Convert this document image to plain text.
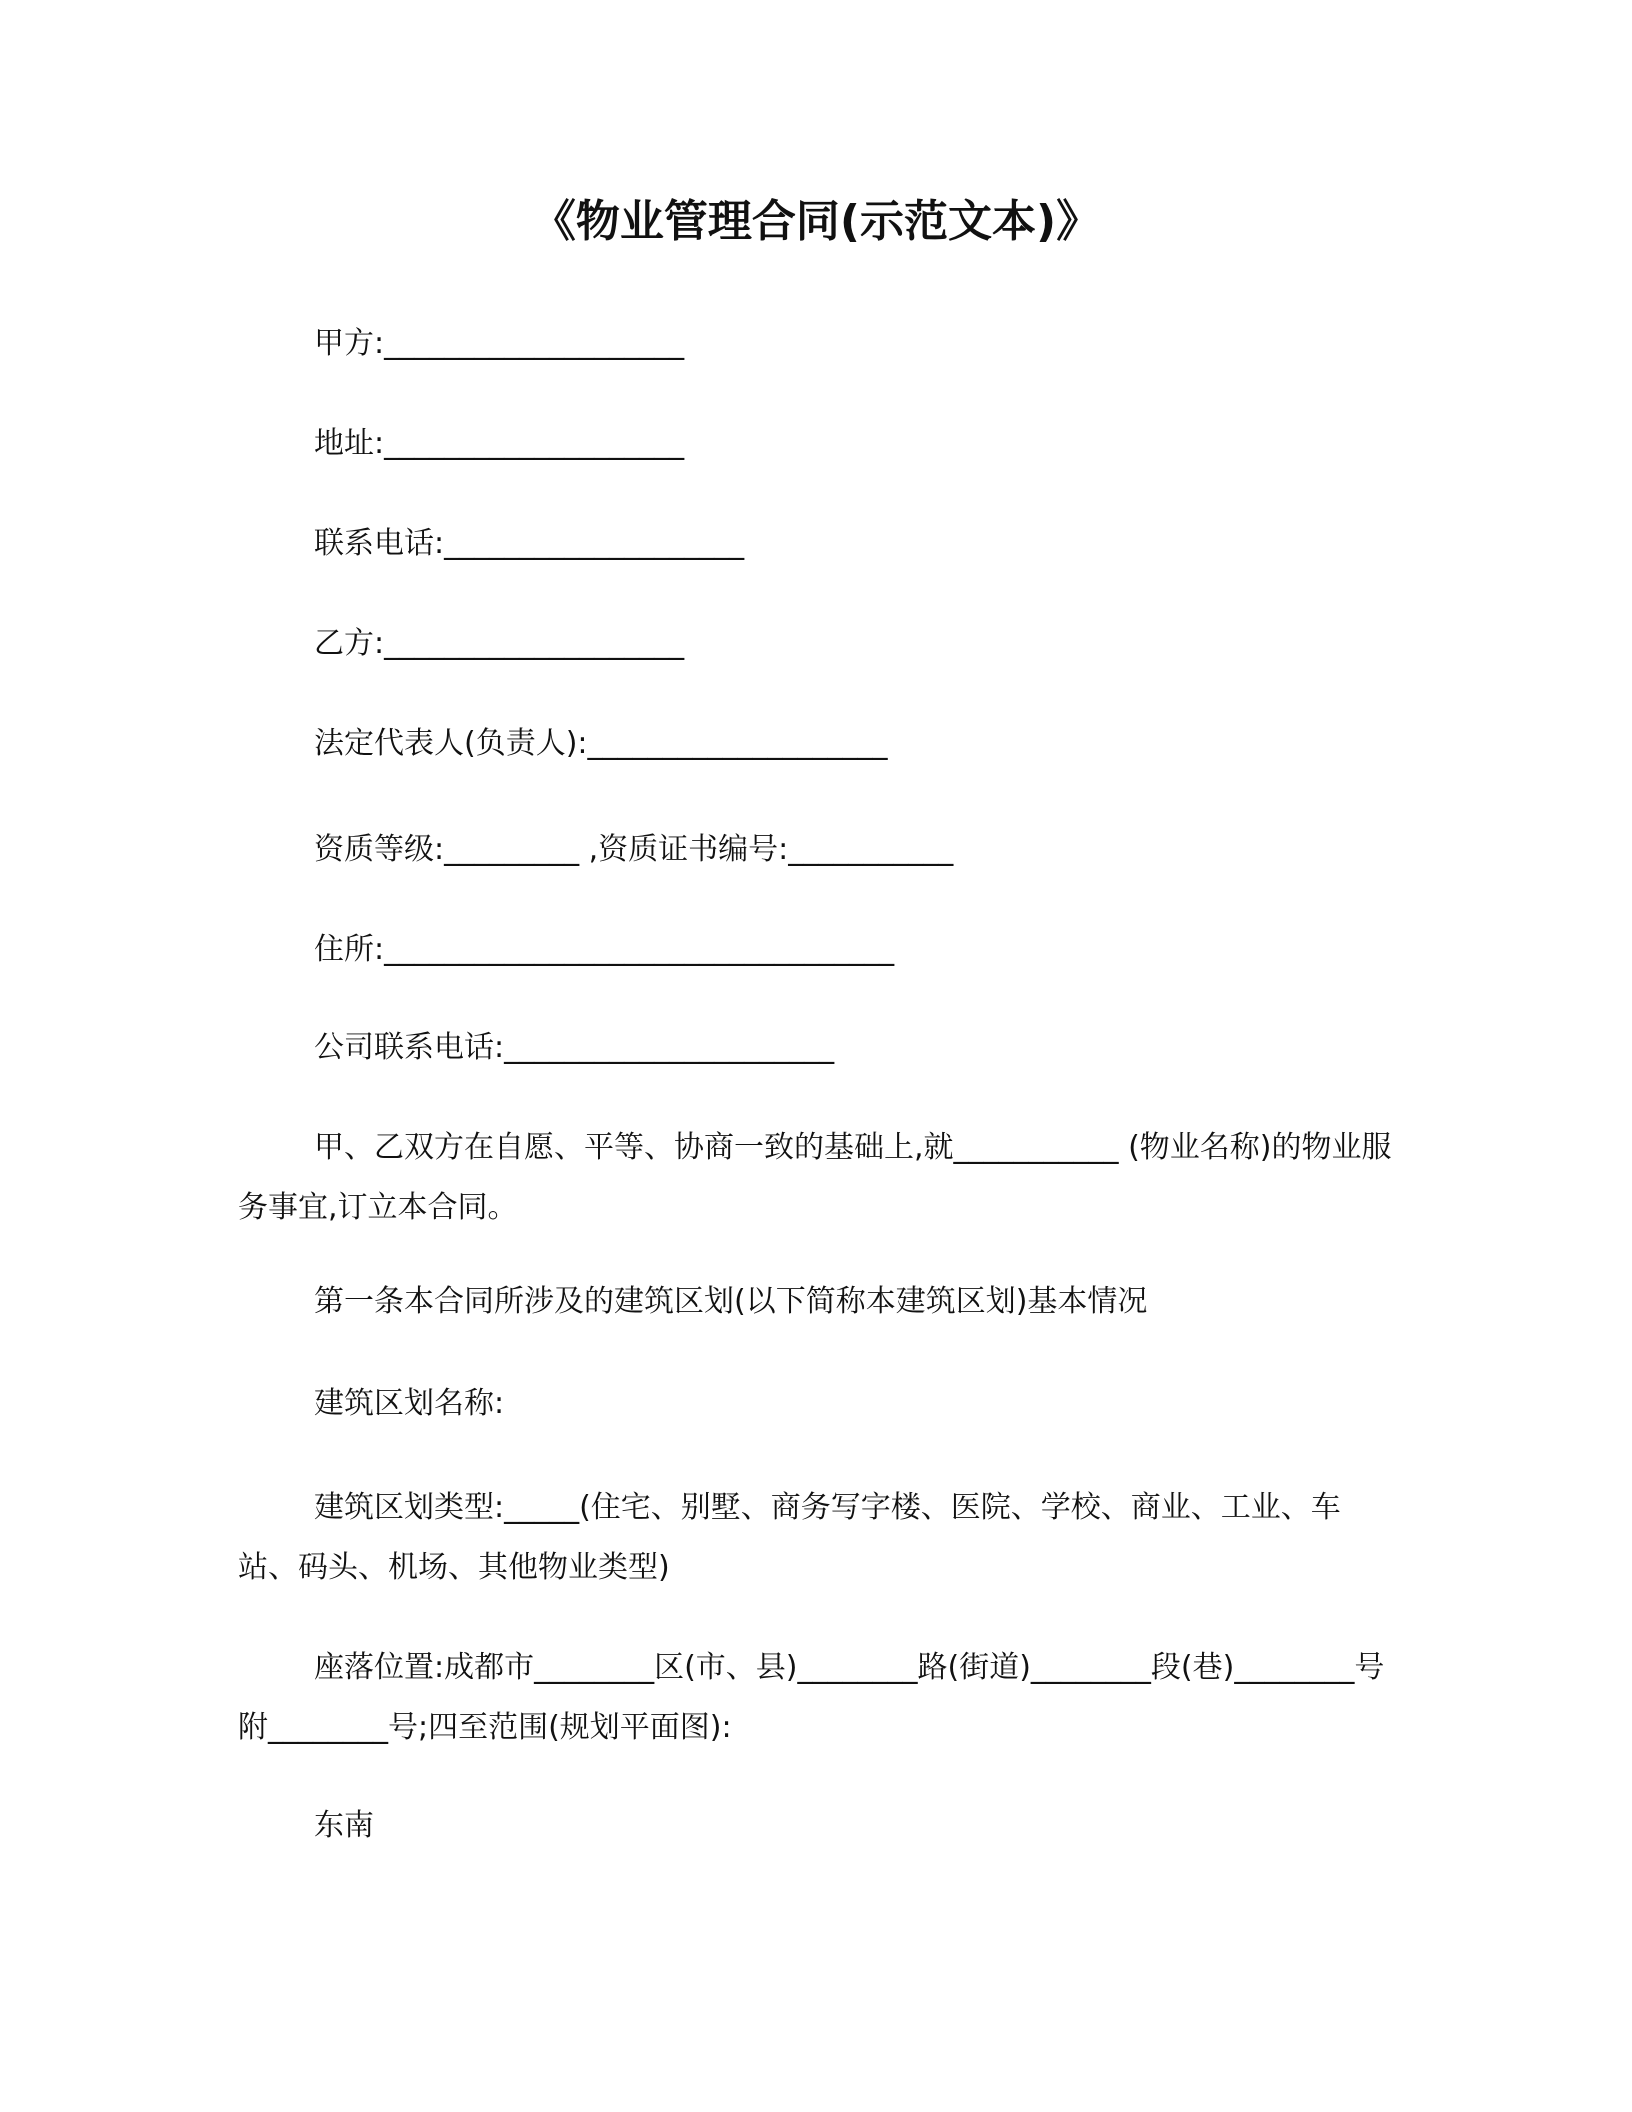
《物业管理合同(示范文本)》
甲方:____________________
地址:____________________
联系电话:____________________
乙方:____________________
法定代表人(负责人):____________________
资质等级:_________ ,资质证书编号:___________
住所:__________________________________
公司联系电话:______________________
甲、乙双方在自愿、平等、协商一致的基础上,就___________ (物业名称)的物业服务事宜,订立本合同。
第一条本合同所涉及的建筑区划(以下简称本建筑区划)基本情况
建筑区划名称:
建筑区划类型:_____(住宅、别墅、商务写字楼、医院、学校、商业、工业、车站、码头、机场、其他物业类型)
座落位置:成都市________区(市、县)________路(街道)________段(巷)________号附________号;四至范围(规划平面图):
东南
